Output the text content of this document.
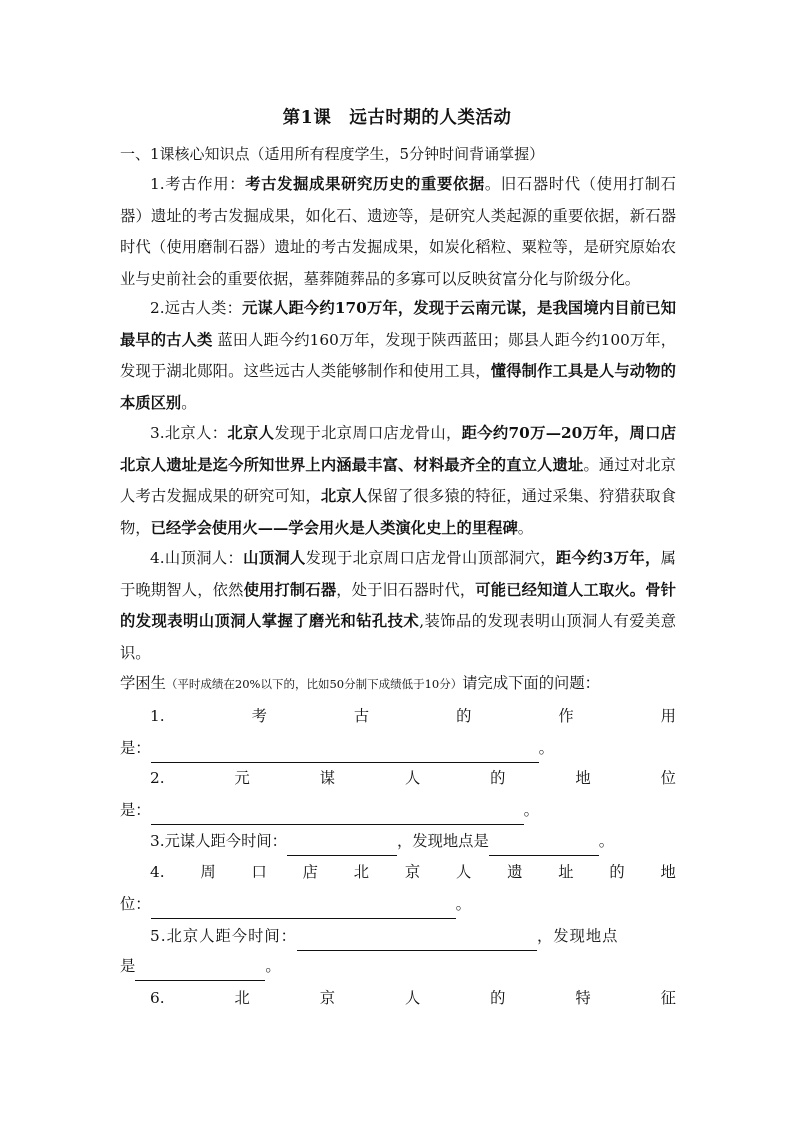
第1课　远古时期的人类活动
一、1课核心知识点（适用所有程度学生，5分钟时间背诵掌握）
1.考古作用：考古发掘成果研究历史的重要依据。旧石器时代（使用打制石器）遗址的考古发掘成果，如化石、遗迹等，是研究人类起源的重要依据，新石器时代（使用磨制石器）遗址的考古发掘成果，如炭化稻粒、粟粒等，是研究原始农业与史前社会的重要依据，墓葬随葬品的多寡可以反映贫富分化与阶级分化。
2.远古人类：元谋人距今约170万年，发现于云南元谋，是我国境内目前已知最早的古人类 蓝田人距今约160万年，发现于陕西蓝田；郧县人距今约100万年，发现于湖北郧阳。这些远古人类能够制作和使用工具，懂得制作工具是人与动物的本质区别。
3.北京人：北京人发现于北京周口店龙骨山，距今约70万—20万年，周口店北京人遗址是迄今所知世界上内涵最丰富、材料最齐全的直立人遗址。通过对北京人考古发掘成果的研究可知，北京人保留了很多猿的特征，通过采集、狩猎获取食物，已经学会使用火——学会用火是人类演化史上的里程碑。
4.山顶洞人：山顶洞人发现于北京周口店龙骨山顶部洞穴，距今约3万年，属于晚期智人，依然使用打制石器，处于旧石器时代，可能已经知道人工取火。骨针的发现表明山顶洞人掌握了磨光和钻孔技术,装饰品的发现表明山顶洞人有爱美意识。
学困生（平时成绩在20%以下的，比如50分制下成绩低于10分）请完成下面的问题：
1.	考	古	的	作	用
是：	。
2.	元	谋	人	的	地	位
是：	。
3.元谋人距今时间：	，发现地点是	。
4. 周 口 店 北 京 人 遗 址 的 地
位：	。
5.北京人距今时间：	，发现地点
是	。
6.	北	京	人	的	特	征
